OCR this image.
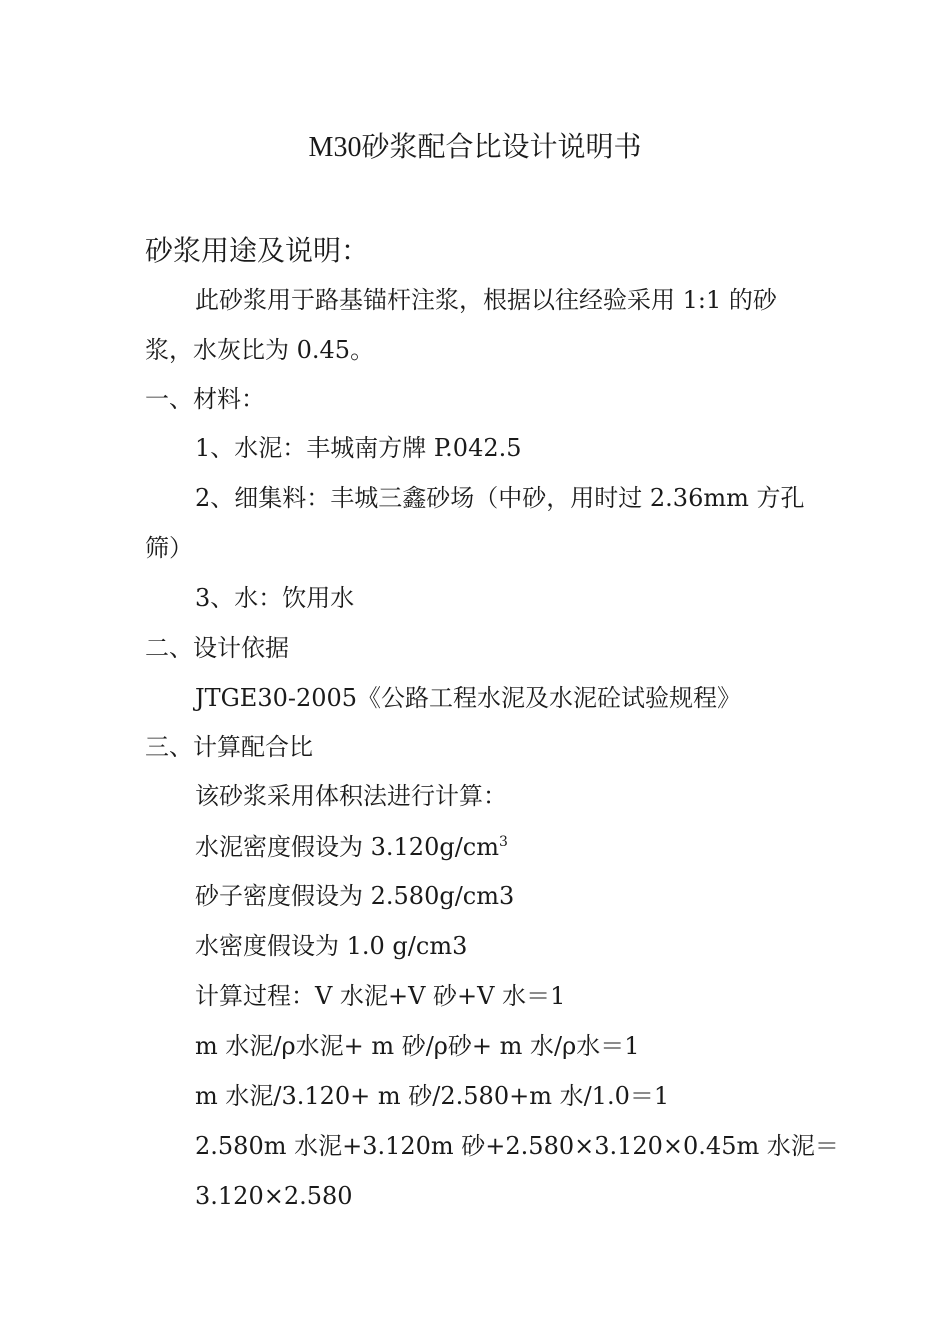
M30砂浆配合比设计说明书
砂浆用途及说明：
此砂浆用于路基锚杆注浆，根据以往经验采用 1:1 的砂
浆，水灰比为 0.45。
一、材料：
1、水泥：丰城南方牌 P.042.5
2、细集料：丰城三鑫砂场（中砂，用时过 2.36mm 方孔
筛）
3、水：饮用水
二、设计依据
JTGE30-2005《公路工程水泥及水泥砼试验规程》
三、计算配合比
该砂浆采用体积法进行计算：
水泥密度假设为 $3.120g/cm^3$
砂子密度假设为 2.580g/cm3
水密度假设为 1.0 g/cm3
计算过程：V 水泥+V 砂+V 水＝1
m 水泥/ρ水泥+ m 砂/ρ砂+ m 水/ρ水＝1
m 水泥/3.120+ m 砂/2.580+m 水/1.0＝1
2.580m 水泥+3.120m 砂+2.580×3.120×0.45m 水泥＝
3.120×2.580
